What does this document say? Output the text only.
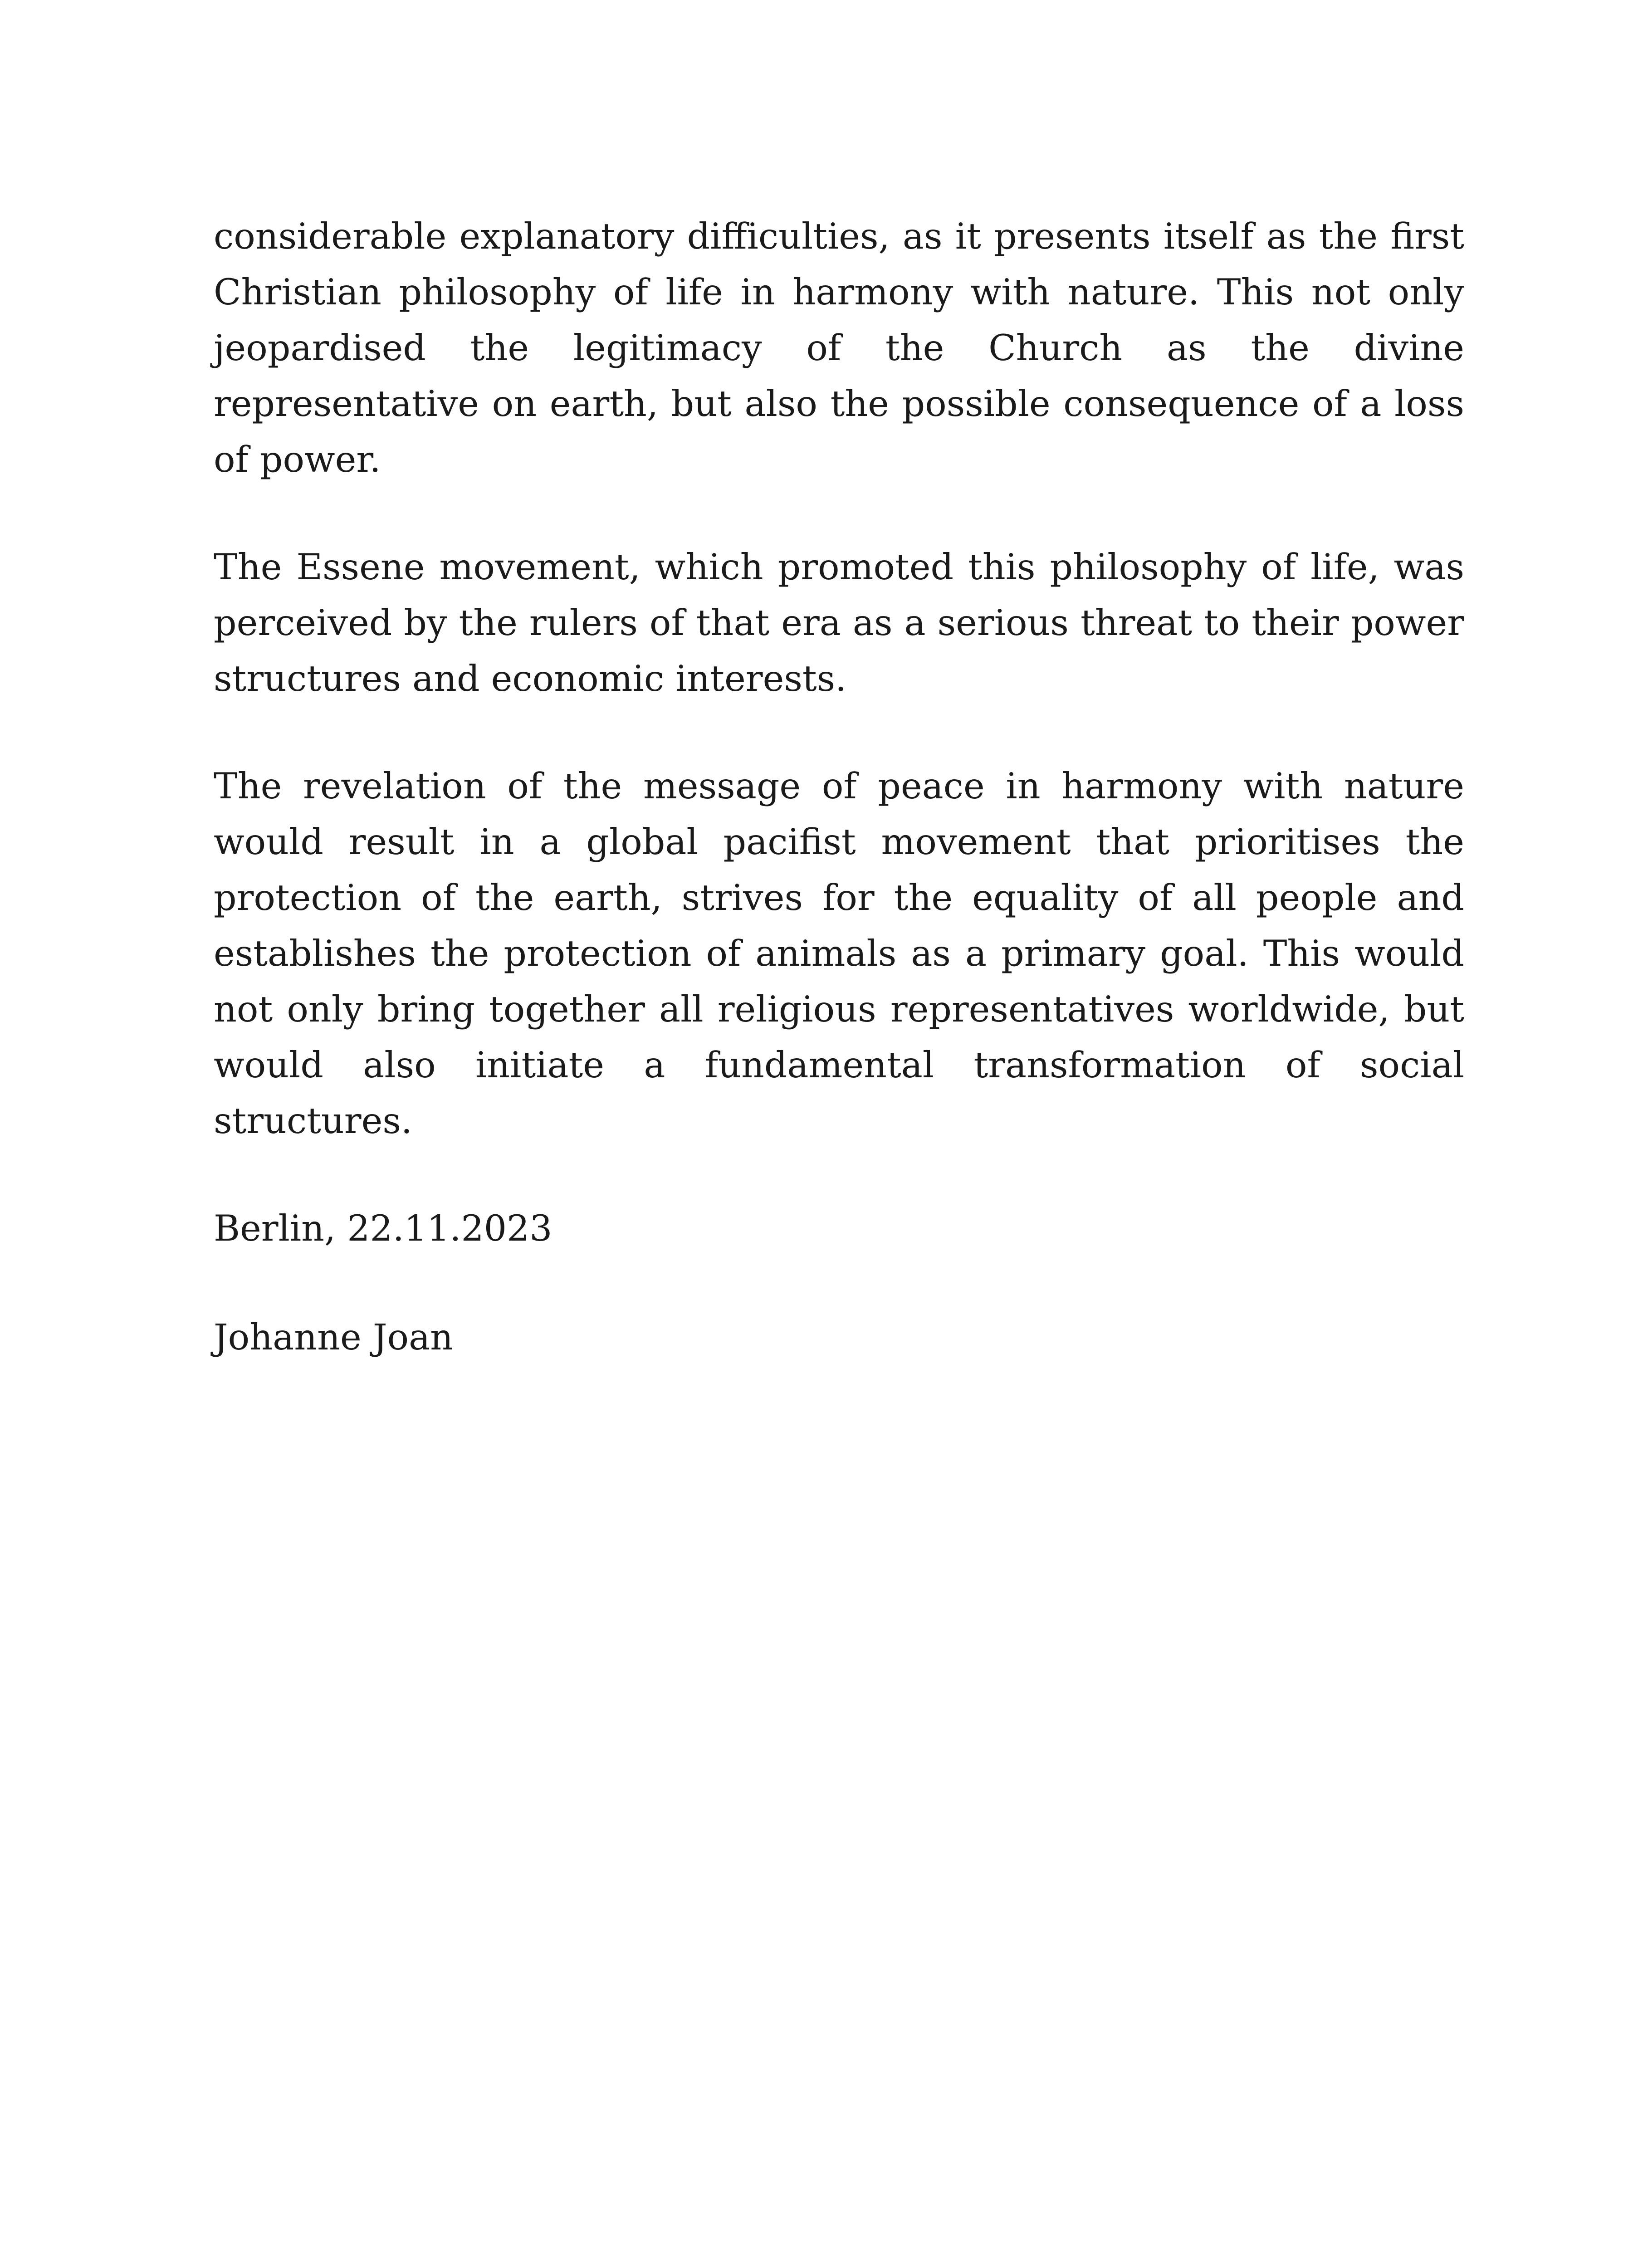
considerable explanatory difficulties, as it presents itself as the first Christian philosophy of life in harmony with nature. This not only jeopardised the legitimacy of the Church as the divine representative on earth, but also the possible consequence of a loss of power.

The Essene movement, which promoted this philosophy of life, was perceived by the rulers of that era as a serious threat to their power structures and economic interests.

The revelation of the message of peace in harmony with nature would result in a global pacifist movement that prioritises the protection of the earth, strives for the equality of all people and establishes the protection of animals as a primary goal. This would not only bring together all religious representatives worldwide, but would also initiate a fundamental transformation of social structures.

Berlin, 22.11.2023

Johanne Joan
